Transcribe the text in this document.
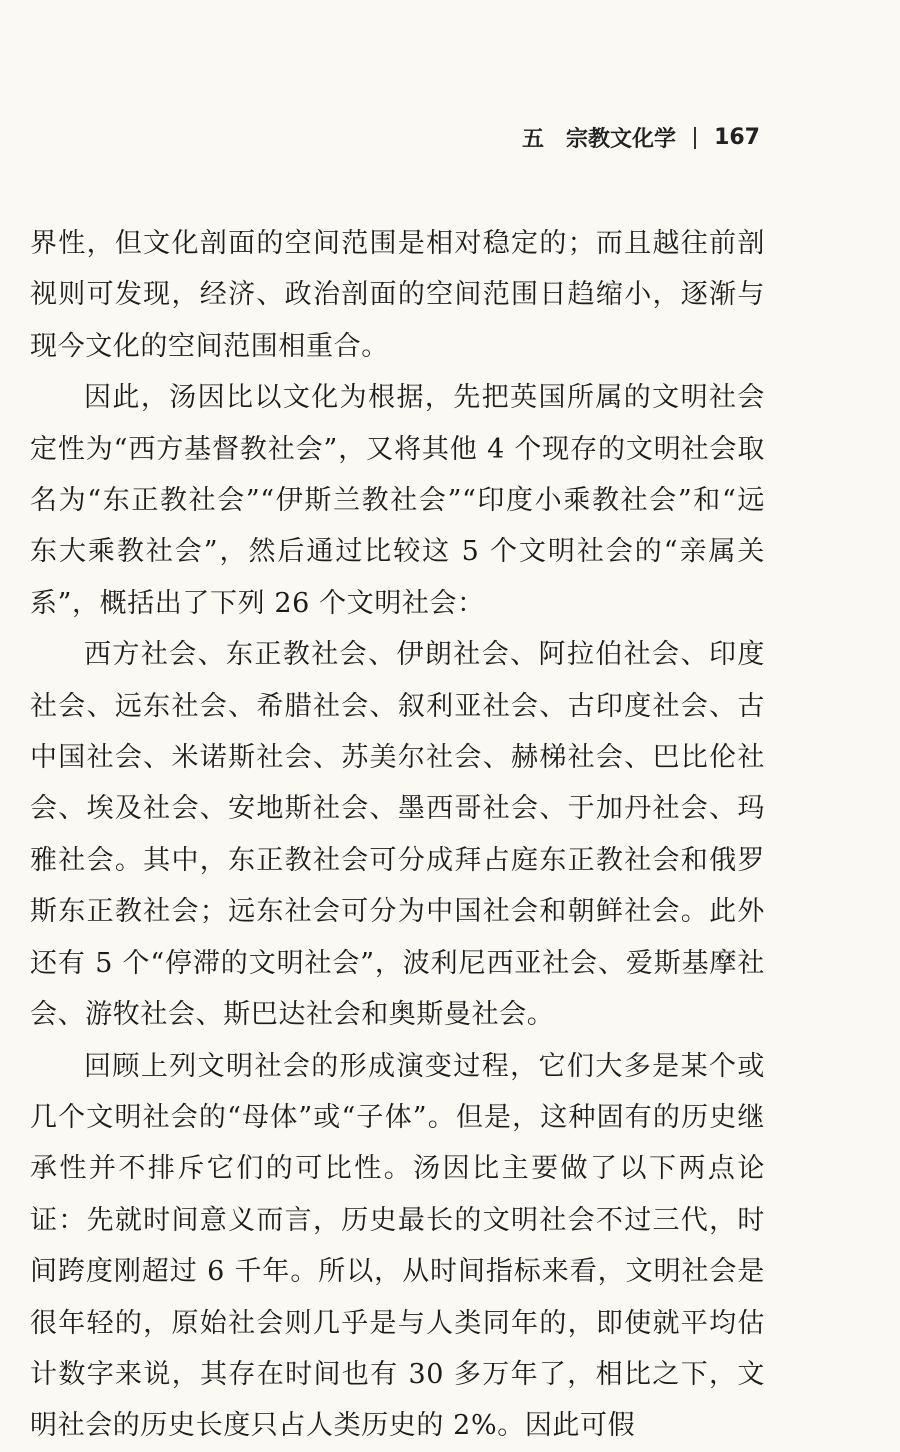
五 宗教文化学 167

界性，但文化剖面的空间范围是相对稳定的；而且越往前剖视则可发现，经济、政治剖面的空间范围日趋缩小，逐渐与现今文化的空间范围相重合。

因此，汤因比以文化为根据，先把英国所属的文明社会定性为“西方基督教社会”，又将其他 4 个现存的文明社会取名为“东正教社会”“伊斯兰教社会”“印度小乘教社会”和“远东大乘教社会”，然后通过比较这 5 个文明社会的“亲属关系”，概括出了下列 26 个文明社会：

西方社会、东正教社会、伊朗社会、阿拉伯社会、印度社会、远东社会、希腊社会、叙利亚社会、古印度社会、古中国社会、米诺斯社会、苏美尔社会、赫梯社会、巴比伦社会、埃及社会、安地斯社会、墨西哥社会、于加丹社会、玛雅社会。其中，东正教社会可分成拜占庭东正教社会和俄罗斯东正教社会；远东社会可分为中国社会和朝鲜社会。此外还有 5 个“停滞的文明社会”，波利尼西亚社会、爱斯基摩社会、游牧社会、斯巴达社会和奥斯曼社会。

回顾上列文明社会的形成演变过程，它们大多是某个或几个文明社会的“母体”或“子体”。但是，这种固有的历史继承性并不排斥它们的可比性。汤因比主要做了以下两点论证：先就时间意义而言，历史最长的文明社会不过三代，时间跨度刚超过 6 千年。所以，从时间指标来看，文明社会是很年轻的，原始社会则几乎是与人类同年的，即使就平均估计数字来说，其存在时间也有 30 多万年了，相比之下，文明社会的历史长度只占人类历史的 2%。因此可假
